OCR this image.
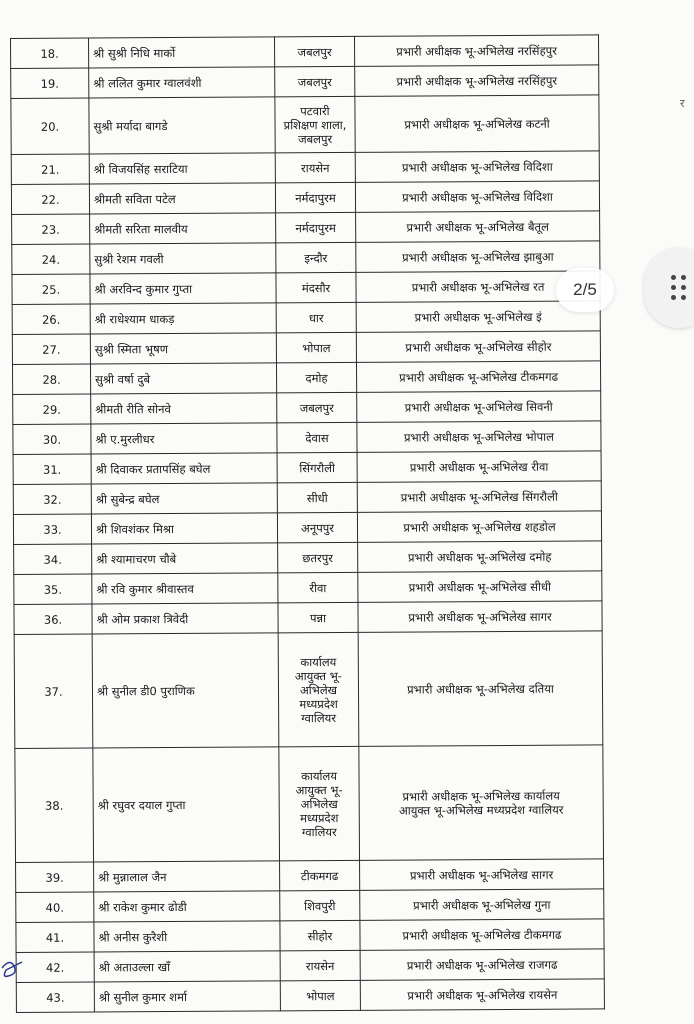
र
18.	श्री सुश्री निधि मार्को	जबलपुर	प्रभारी अधीक्षक भू-अभिलेख नरसिंहपुर

19.	श्री ललित कुमार ग्वालवंशी	जबलपुर	प्रभारी अधीक्षक भू-अभिलेख नरसिंहपुर

20.	सुश्री मर्यादा बागडे	पटवारी
प्रशिक्षण शाला,
जबलपुर	प्रभारी अधीक्षक भू-अभिलेख कटनी

21.	श्री विजयसिंह सराटिया	रायसेन	प्रभारी अधीक्षक भू-अभिलेख विदिशा

22.	श्रीमती सविता पटेल	नर्मदापुरम	प्रभारी अधीक्षक भू-अभिलेख विदिशा

23.	श्रीमती सरिता मालवीय	नर्मदापुरम	प्रभारी अधीक्षक भू-अभिलेख बैतूल

24.	सुश्री रेशम गवली	इन्दौर	प्रभारी अधीक्षक भू-अभिलेख झाबुआ

25.	श्री अरविन्द कुमार गुप्ता	मंदसौर	प्रभारी अधीक्षक भू-अभिलेख रत

26.	श्री राधेश्याम धाकड़	धार	प्रभारी अधीक्षक भू-अभिलेख इं

27.	सुश्री स्मिता भूषण	भोपाल	प्रभारी अधीक्षक भू-अभिलेख सीहोर

28.	सुश्री वर्षा दुबे	दमोह	प्रभारी अधीक्षक भू-अभिलेख टीकमगढ

29.	श्रीमती रीति सोनवे	जबलपुर	प्रभारी अधीक्षक भू-अभिलेख सिवनी

30.	श्री ए.मुरलीधर	देवास	प्रभारी अधीक्षक भू-अभिलेख भोपाल

31.	श्री दिवाकर प्रतापसिंह बघेल	सिंगरौली	प्रभारी अधीक्षक भू-अभिलेख रीवा

32.	श्री सुबेन्द्र बघेल	सीधी	प्रभारी अधीक्षक भू-अभिलेख सिंगरौली

33.	श्री शिवशंकर मिश्रा	अनूपपुर	प्रभारी अधीक्षक भू-अभिलेख शहडोल

34.	श्री श्यामाचरण चौबे	छतरपुर	प्रभारी अधीक्षक भू-अभिलेख दमोह

35.	श्री रवि कुमार श्रीवास्तव	रीवा	प्रभारी अधीक्षक भू-अभिलेख सीधी

36.	श्री ओम प्रकाश त्रिवेदी	पन्ना	प्रभारी अधीक्षक भू-अभिलेख सागर

37.	श्री सुनील डी0 पुराणिक	कार्यालय
आयुक्त भू-
अभिलेख
मध्यप्रदेश
ग्वालियर	प्रभारी अधीक्षक भू-अभिलेख दतिया

38.	श्री रघुवर दयाल गुप्ता	कार्यालय
आयुक्त भू-
अभिलेख
मध्यप्रदेश
ग्वालियर	प्रभारी अधीक्षक भू-अभिलेख कार्यालय
आयुक्त भू-अभिलेख मध्यप्रदेश ग्वालियर

39.	श्री मुन्नालाल जैन	टीकमगढ	प्रभारी अधीक्षक भू-अभिलेख सागर

40.	श्री राकेश कुमार ढोडी	शिवपुरी	प्रभारी अधीक्षक भू-अभिलेख गुना

41.	श्री अनीस कुरैशी	सीहोर	प्रभारी अधीक्षक भू-अभिलेख टीकमगढ

42.	श्री अताउल्ला खाँ	रायसेन	प्रभारी अधीक्षक भू-अभिलेख राजगढ

43.	श्री सुनील कुमार शर्मा	भोपाल	प्रभारी अधीक्षक भू-अभिलेख रायसेन
2/5
